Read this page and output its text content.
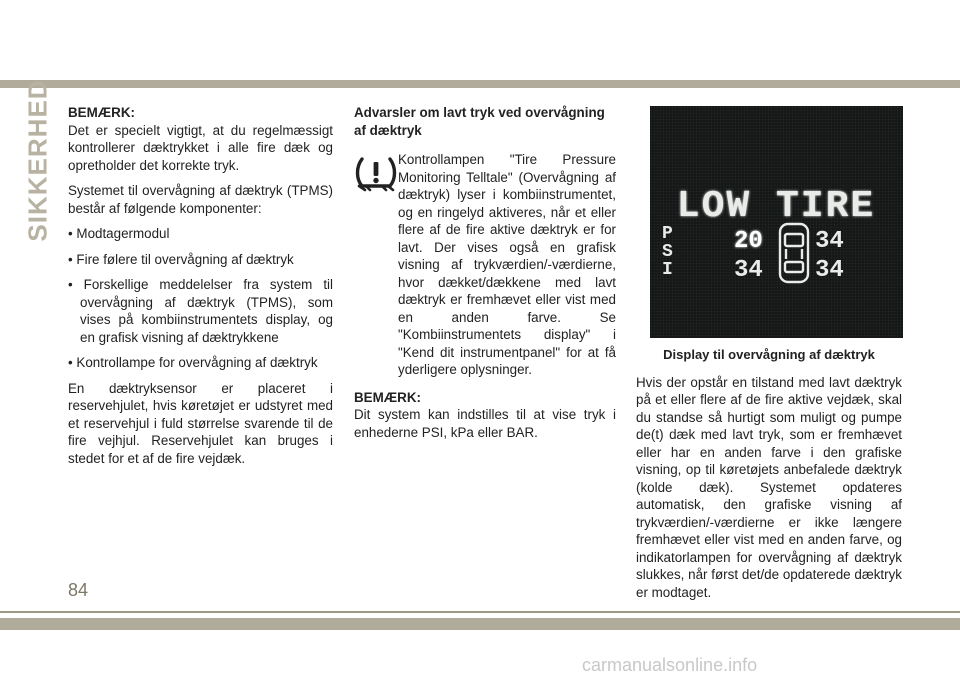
SIKKERHED BEMÆRK:

Det er specielt vigtigt, at du regelmæssigt kontrollerer dæktrykket i alle fire dæk og opretholder det korrekte tryk.

Systemet til overvågning af dæktryk (TPMS) består af følgende komponenter:

• Modtagermodul

• Fire følere til overvågning af dæktryk

• Forskellige meddelelser fra system til overvågning af dæktryk (TPMS), som vises på kombiinstrumentets display, og en grafisk visning af dæktrykkene

• Kontrollampe for overvågning af dæktryk

En dæktryksensor er placeret i reservehjulet, hvis køretøjet er udstyret med et reservehjul i fuld størrelse svarende til de fire vejhjul. Reservehjulet kan bruges i stedet for et af de fire vejdæk.

Advarsler om lavt tryk ved overvågning af dæktryk

Kontrollampen "Tire Pressure Monitoring Telltale" (Overvågning af dæktryk) lyser i kombiinstrumentet, og en ringelyd aktiveres, når et eller flere af de fire aktive dæktryk er for lavt. Der vises også en grafisk visning af trykværdien/-værdierne, hvor dækket/dækkene med lavt dæktryk er fremhævet eller vist med en anden farve. Se "Kombiinstrumentets display" i "Kend dit instrumentpanel" for at få yderligere oplysninger.

BEMÆRK:

Dit system kan indstilles til at vise tryk i enhederne PSI, kPa eller BAR.

LOW TIRE
P
S
I
20 34
34 34
Display til overvågning af dæktryk

Hvis der opstår en tilstand med lavt dæktryk på et eller flere af de fire aktive vejdæk, skal du standse så hurtigt som muligt og pumpe de(t) dæk med lavt tryk, som er fremhævet eller har en anden farve i den grafiske visning, op til køretøjets anbefalede dæktryk (kolde dæk). Systemet opdateres automatisk, den grafiske visning af trykværdien/-værdierne er ikke længere fremhævet eller vist med en anden farve, og indikatorlampen for overvågning af dæktryk slukkes, når først det/de opdaterede dæktryk er modtaget.

84
carmanualsonline.info
